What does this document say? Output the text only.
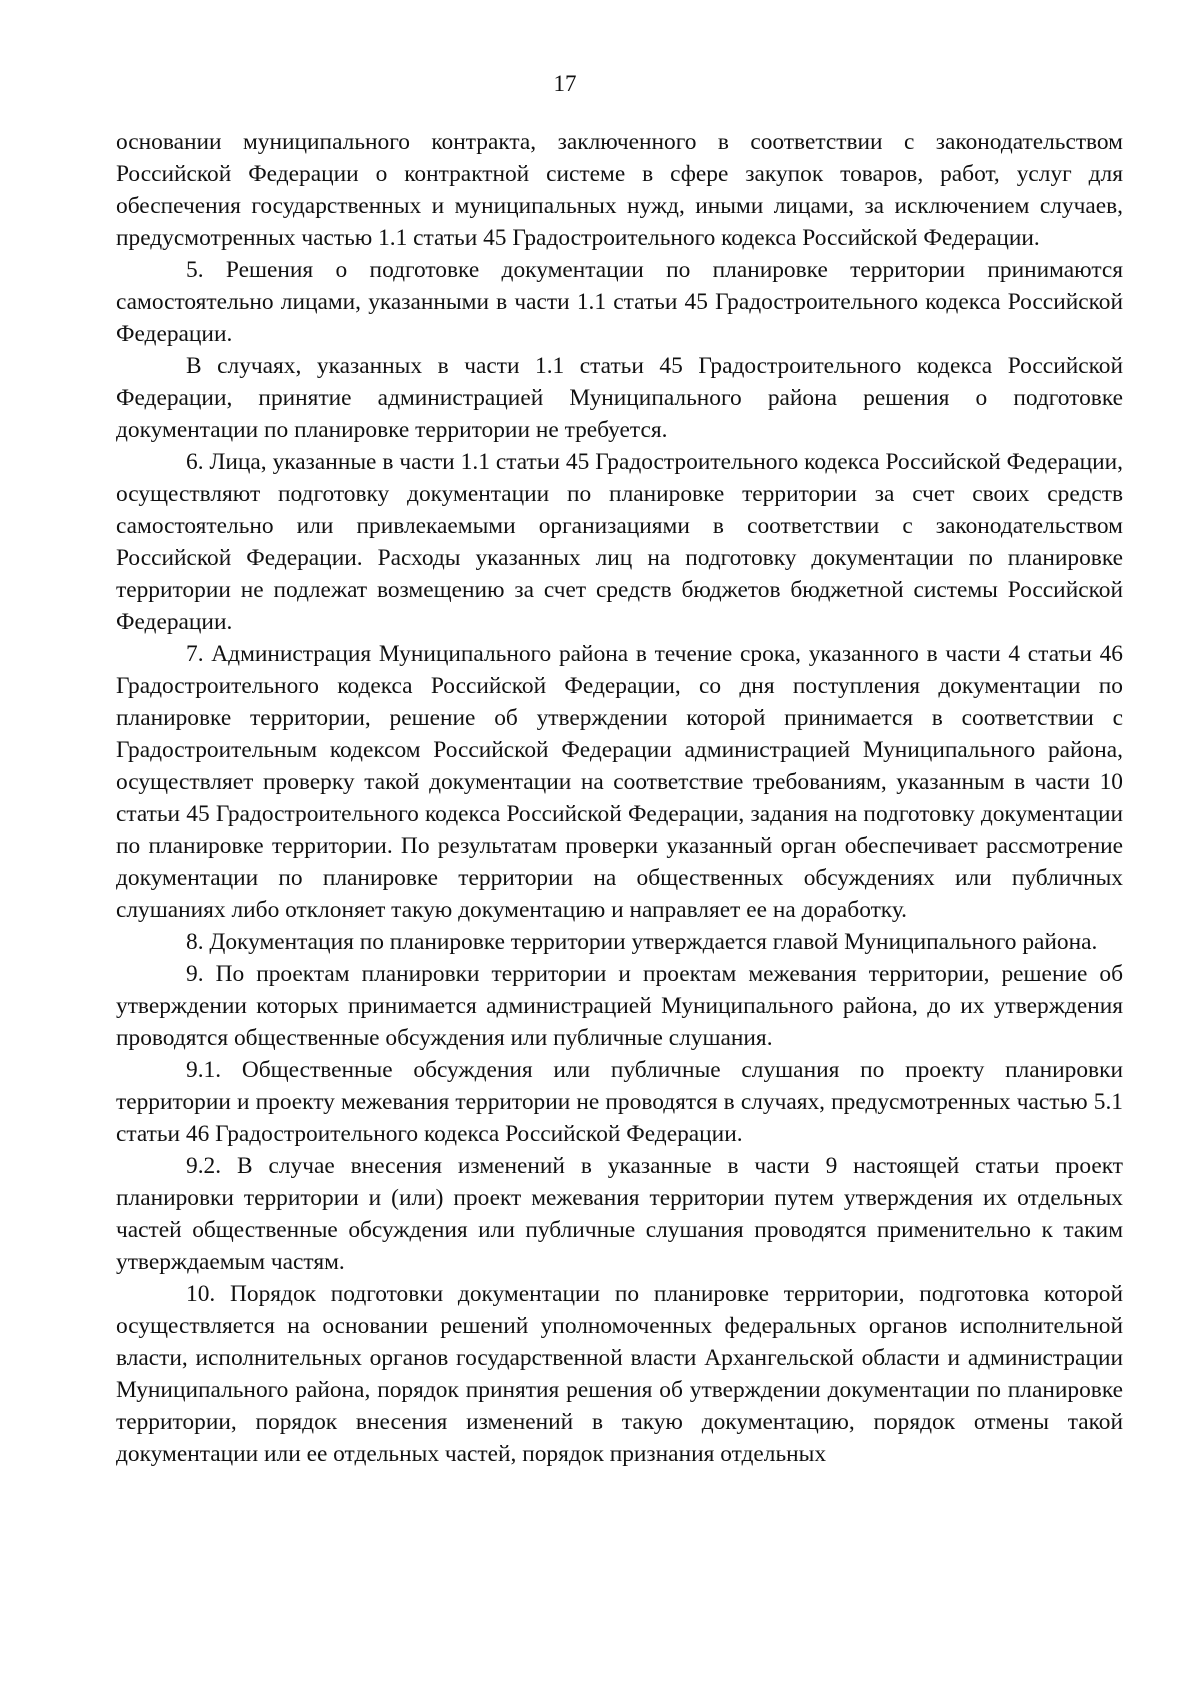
17

основании муниципального контракта, заключенного в соответствии с законодательством Российской Федерации о контрактной системе в сфере закупок товаров, работ, услуг для обеспечения государственных и муниципальных нужд, иными лицами, за исключением случаев, предусмотренных частью 1.1 статьи 45 Градостроительного кодекса Российской Федерации.

5. Решения о подготовке документации по планировке территории принимаются самостоятельно лицами, указанными в части 1.1 статьи 45 Градостроительного кодекса Российской Федерации.

В случаях, указанных в части 1.1 статьи 45 Градостроительного кодекса Российской Федерации, принятие администрацией Муниципального района решения о подготовке документации по планировке территории не требуется.

6. Лица, указанные в части 1.1 статьи 45 Градостроительного кодекса Российской Федерации, осуществляют подготовку документации по планировке территории за счет своих средств самостоятельно или привлекаемыми организациями в соответствии с законодательством Российской Федерации. Расходы указанных лиц на подготовку документации по планировке территории не подлежат возмещению за счет средств бюджетов бюджетной системы Российской Федерации.

7. Администрация Муниципального района в течение срока, указанного в части 4 статьи 46 Градостроительного кодекса Российской Федерации, со дня поступления документации по планировке территории, решение об утверждении которой принимается в соответствии с Градостроительным кодексом Российской Федерации администрацией Муниципального района, осуществляет проверку такой документации на соответствие требованиям, указанным в части 10 статьи 45 Градостроительного кодекса Российской Федерации, задания на подготовку документации по планировке территории. По результатам проверки указанный орган обеспечивает рассмотрение документации по планировке территории на общественных обсуждениях или публичных слушаниях либо отклоняет такую документацию и направляет ее на доработку.

8. Документация по планировке территории утверждается главой Муниципального района.

9. По проектам планировки территории и проектам межевания территории, решение об утверждении которых принимается администрацией Муниципального района, до их утверждения проводятся общественные обсуждения или публичные слушания.

9.1. Общественные обсуждения или публичные слушания по проекту планировки территории и проекту межевания территории не проводятся в случаях, предусмотренных частью 5.1 статьи 46 Градостроительного кодекса Российской Федерации.

9.2. В случае внесения изменений в указанные в части 9 настоящей статьи проект планировки территории и (или) проект межевания территории путем утверждения их отдельных частей общественные обсуждения или публичные слушания проводятся применительно к таким утверждаемым частям.

10. Порядок подготовки документации по планировке территории, подготовка которой осуществляется на основании решений уполномоченных федеральных органов исполнительной власти, исполнительных органов государственной власти Архангельской области и администрации Муниципального района, порядок принятия решения об утверждении документации по планировке территории, порядок внесения изменений в такую документацию, порядок отмены такой документации или ее отдельных частей, порядок признания отдельных
